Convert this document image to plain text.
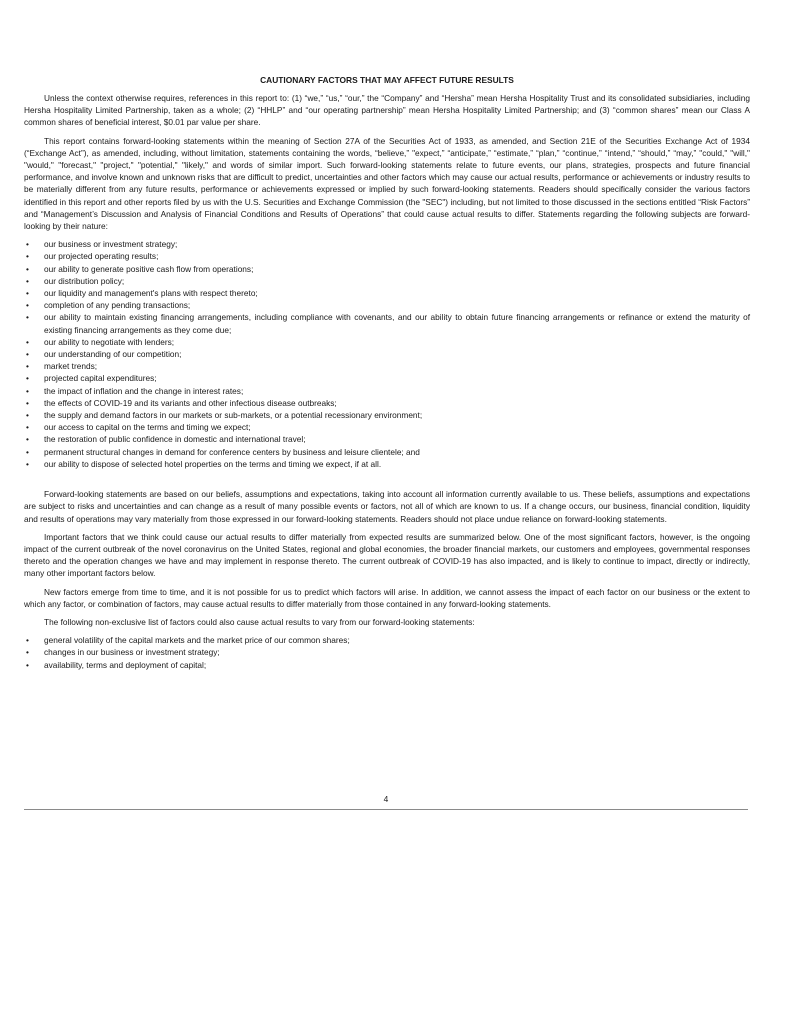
CAUTIONARY FACTORS THAT MAY AFFECT FUTURE RESULTS

Unless the context otherwise requires, references in this report to: (1) “we,” “us,” “our,” the “Company” and “Hersha” mean Hersha Hospitality Trust and its consolidated subsidiaries, including Hersha Hospitality Limited Partnership, taken as a whole; (2) “HHLP” and “our operating partnership” mean Hersha Hospitality Limited Partnership; and (3) “common shares” mean our Class A common shares of beneficial interest, $0.01 par value per share.

This report contains forward-looking statements within the meaning of Section 27A of the Securities Act of 1933, as amended, and Section 21E of the Securities Exchange Act of 1934 (“Exchange Act”), as amended, including, without limitation, statements containing the words, “believe,” "expect,” “anticipate,” “estimate,” “plan,” “continue,” “intend,” “should,” “may,” "could," "will," "would," "forecast," "project," "potential," "likely," and words of similar import. Such forward-looking statements relate to future events, our plans, strategies, prospects and future financial performance, and involve known and unknown risks that are difficult to predict, uncertainties and other factors which may cause our actual results, performance or achievements or industry results to be materially different from any future results, performance or achievements expressed or implied by such forward-looking statements. Readers should specifically consider the various factors identified in this report and other reports filed by us with the U.S. Securities and Exchange Commission (the "SEC") including, but not limited to those discussed in the sections entitled “Risk Factors” and “Management’s Discussion and Analysis of Financial Conditions and Results of Operations” that could cause actual results to differ. Statements regarding the following subjects are forward-looking by their nature:

• our business or investment strategy;
• our projected operating results;
• our ability to generate positive cash flow from operations;
• our distribution policy;
• our liquidity and management's plans with respect thereto;
• completion of any pending transactions;
• our ability to maintain existing financing arrangements, including compliance with covenants, and our ability to obtain future financing arrangements or refinance or extend the maturity of existing financing arrangements as they come due;
• our ability to negotiate with lenders;
• our understanding of our competition;
• market trends;
• projected capital expenditures;
• the impact of inflation and the change in interest rates;
• the effects of COVID-19 and its variants and other infectious disease outbreaks;
• the supply and demand factors in our markets or sub-markets, or a potential recessionary environment;
• our access to capital on the terms and timing we expect;
• the restoration of public confidence in domestic and international travel;
• permanent structural changes in demand for conference centers by business and leisure clientele; and
• our ability to dispose of selected hotel properties on the terms and timing we expect, if at all.

Forward-looking statements are based on our beliefs, assumptions and expectations, taking into account all information currently available to us. These beliefs, assumptions and expectations are subject to risks and uncertainties and can change as a result of many possible events or factors, not all of which are known to us. If a change occurs, our business, financial condition, liquidity and results of operations may vary materially from those expressed in our forward-looking statements. Readers should not place undue reliance on forward-looking statements.

Important factors that we think could cause our actual results to differ materially from expected results are summarized below. One of the most significant factors, however, is the ongoing impact of the current outbreak of the novel coronavirus on the United States, regional and global economies, the broader financial markets, our customers and employees, governmental responses thereto and the operation changes we have and may implement in response thereto. The current outbreak of COVID-19 has also impacted, and is likely to continue to impact, directly or indirectly, many other important factors below.

New factors emerge from time to time, and it is not possible for us to predict which factors will arise. In addition, we cannot assess the impact of each factor on our business or the extent to which any factor, or combination of factors, may cause actual results to differ materially from those contained in any forward-looking statements.

The following non-exclusive list of factors could also cause actual results to vary from our forward-looking statements:

• general volatility of the capital markets and the market price of our common shares;
• changes in our business or investment strategy;
• availability, terms and deployment of capital;
4
